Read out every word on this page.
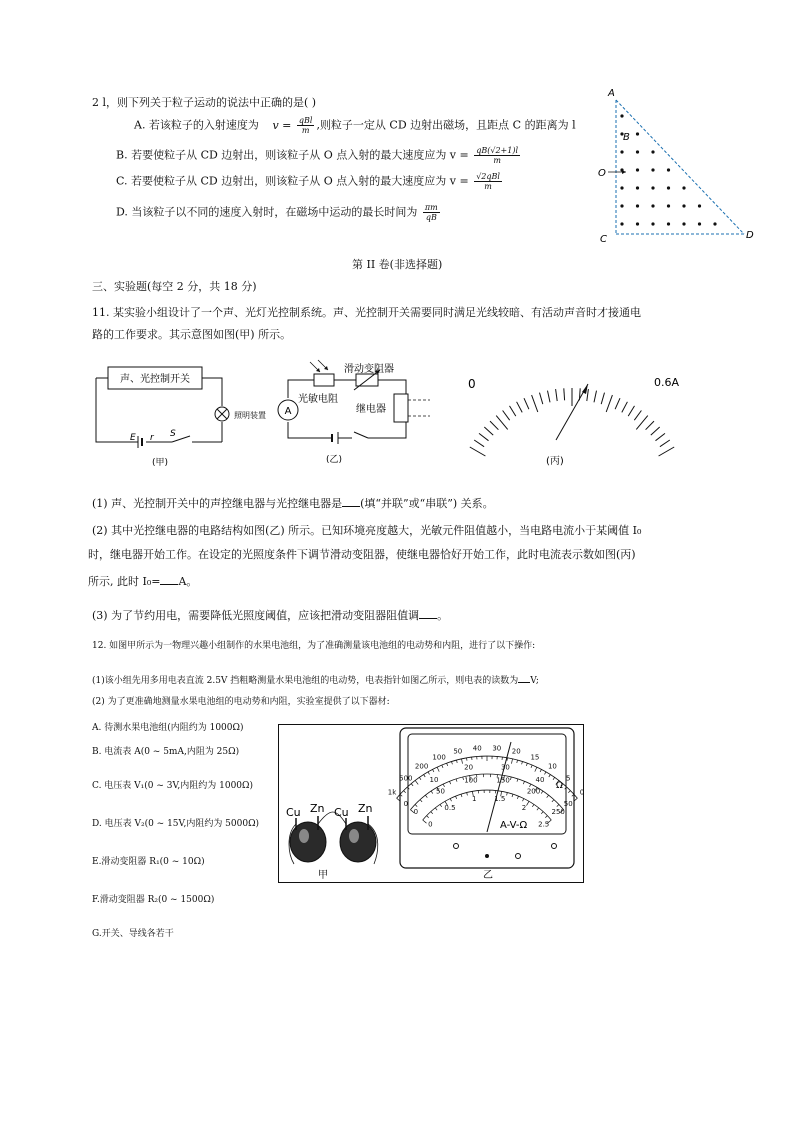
2 l，则下列关于粒子运动的说法中正确的是( )
A. 若该粒子的入射速度为 $v = \frac{\text{qBl}}{m}$ ,则粒子一定从 CD 边射出磁场，且距点 C 的距离为 l
B. 若要使粒子从 CD 边射出，则该粒子从 O 点入射的最大速度应为 $v = \frac{qB(√2+1)l}{m}$
C. 若要使粒子从 CD 边射出，则该粒子从 O 点入射的最大速度应为 $v = \frac{\text{√2qBl}}{m}$
D. 当该粒子以不同的速度入射时，在磁场中运动的最长时间为 $\frac{\pi m}{qB}$
A
B
O
C	D
第 II 卷(非选择题)
三、实验题(每空 2 分，共 18 分)
11. 某实验小组设计了一个声、光灯光控制系统。声、光控制开关需要同时满足光线较暗、有活动声音时才接通电
路的工作要求。其示意图如图(甲) 所示。
声、光控制开关
照明装置
E r S
(甲)
A
滑动变阻器
光敏电阻
继电器
(乙)
0	0.6A
(丙)
(1) 声、光控制开关中的声控继电器与光控继电器是 (填“并联”或“串联”) 关系。
(2) 其中光控继电器的电路结构如图(乙) 所示。已知环境亮度越大，光敏元件阻值越小，当电路电流小于某阈值 I₀
时，继电器开始工作。在设定的光照度条件下调节滑动变阻器，使继电器恰好开始工作，此时电流表示数如图(丙)
所示, 此时 I₀= A。
(3) 为了节约用电，需要降低光照度阈值，应该把滑动变阻器阻值调 。
12. 如图甲所示为一物理兴趣小组制作的水果电池组，为了准确测量该电池组的电动势和内阻，进行了以下操作:
(1)该小组先用多用电表直流 2.5V 挡粗略测量水果电池组的电动势，电表指针如图乙所示，则电表的读数为 V;
(2) 为了更准确地测量水果电池组的电动势和内阻，实验室提供了以下器材:
A. 待测水果电池组(内阻约为 1000Ω)
B. 电流表 A(0 ~ 5mA,内阻为 25Ω)
C. 电压表 V₁(0 ~ 3V,内阻约为 1000Ω)
D. 电压表 V₂(0 ~ 15V,内阻约为 5000Ω)
E.滑动变阻器 R₁(0 ~ 10Ω)
F.滑动变阻器 R₂(0 ~ 1500Ω)
G.开关、导线各若干
Cu Zn Cu Zn
甲
1k
500
200
100
50 40 30 20
15
10
5
0
0
50
100	150
200
250
0
10
20	30
40
50
0
0.5
1	1.5
2
2.5
Ω
A-V-Ω
乙
